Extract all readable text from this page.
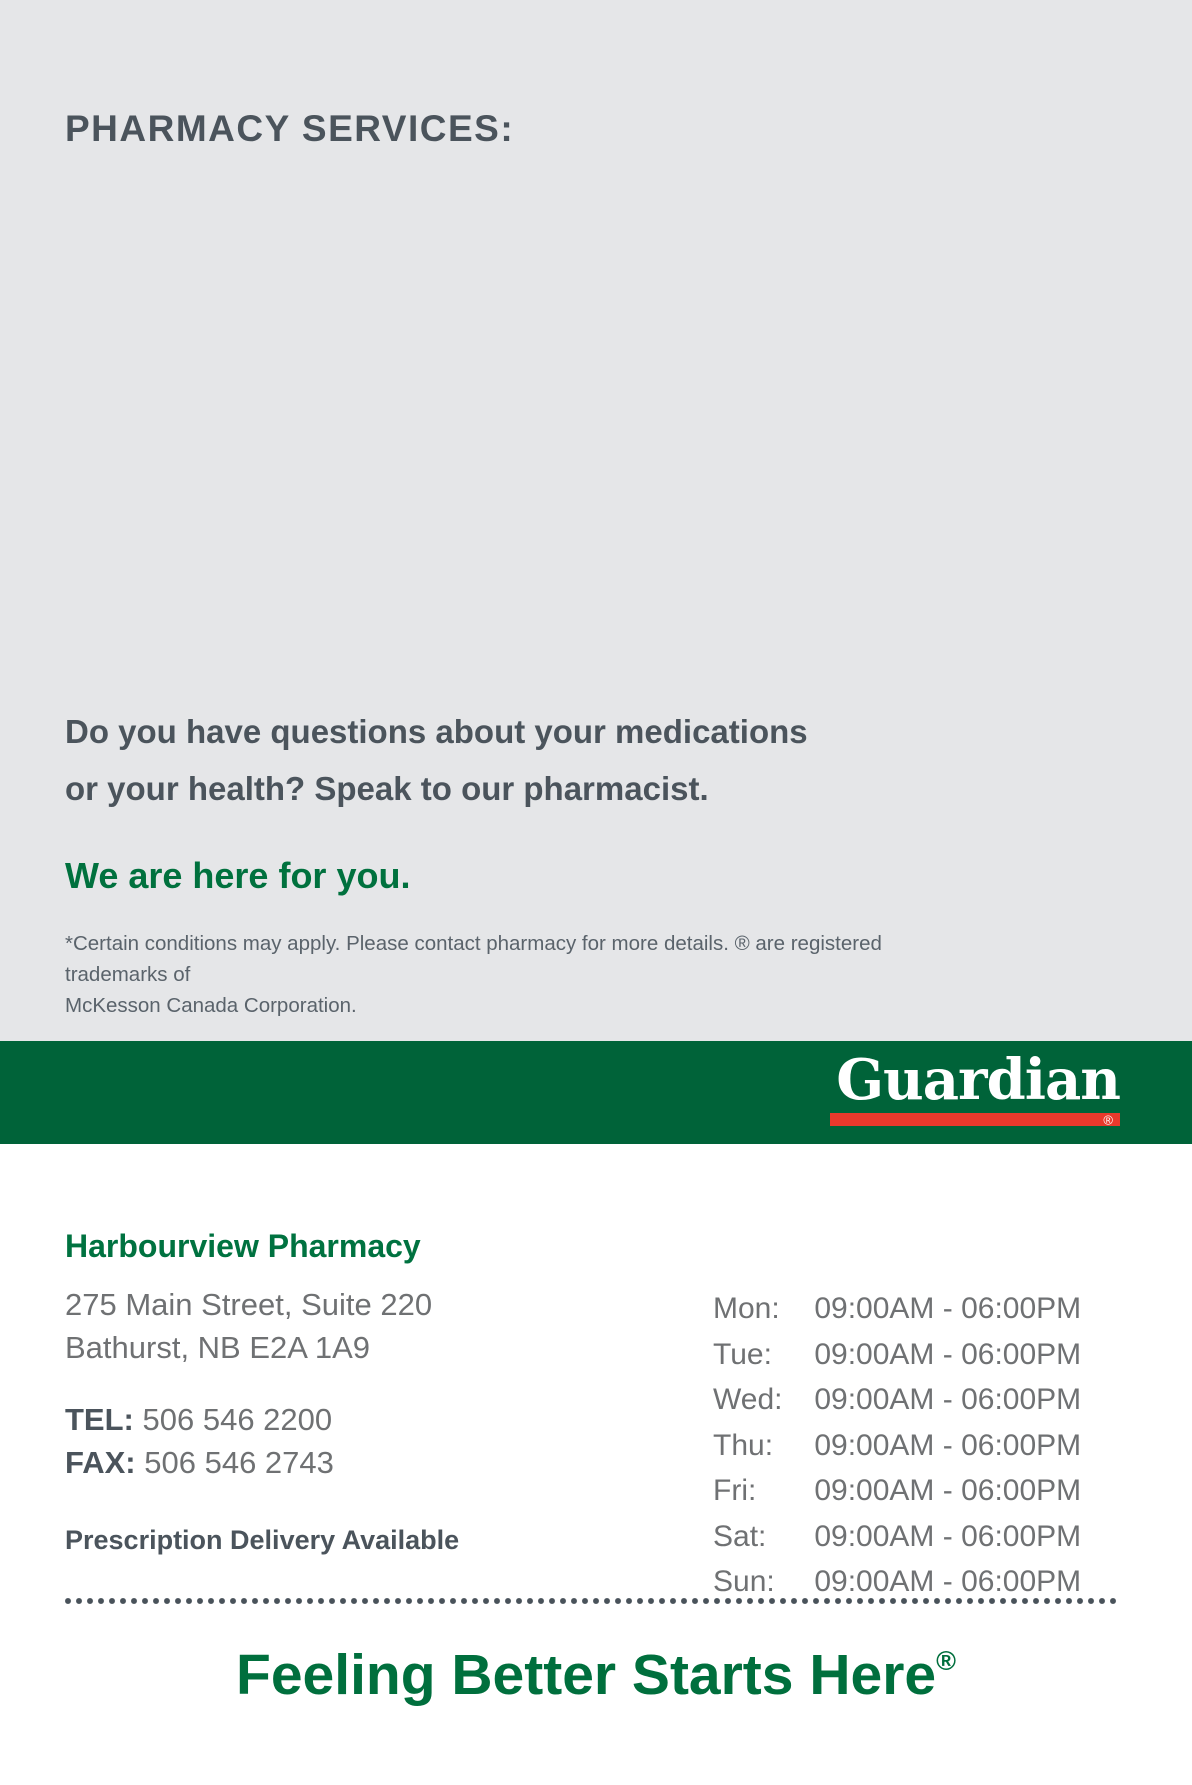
PHARMACY SERVICES:
Do you have questions about your medications
or your health? Speak to our pharmacist.
We are here for you.
*Certain conditions may apply. Please contact pharmacy for more details. ® are registered trademarks of
McKesson Canada Corporation.
Guardian
®
Harbourview Pharmacy
275 Main Street, Suite 220
Bathurst, NB E2A 1A9
TEL: 506 546 2200
FAX: 506 546 2743
Prescription Delivery Available
Mon: 09:00AM - 06:00PM
Tue: 09:00AM - 06:00PM
Wed: 09:00AM - 06:00PM
Thu: 09:00AM - 06:00PM
Fri: 09:00AM - 06:00PM
Sat: 09:00AM - 06:00PM
Sun: 09:00AM - 06:00PM
Feeling Better Starts Here®
